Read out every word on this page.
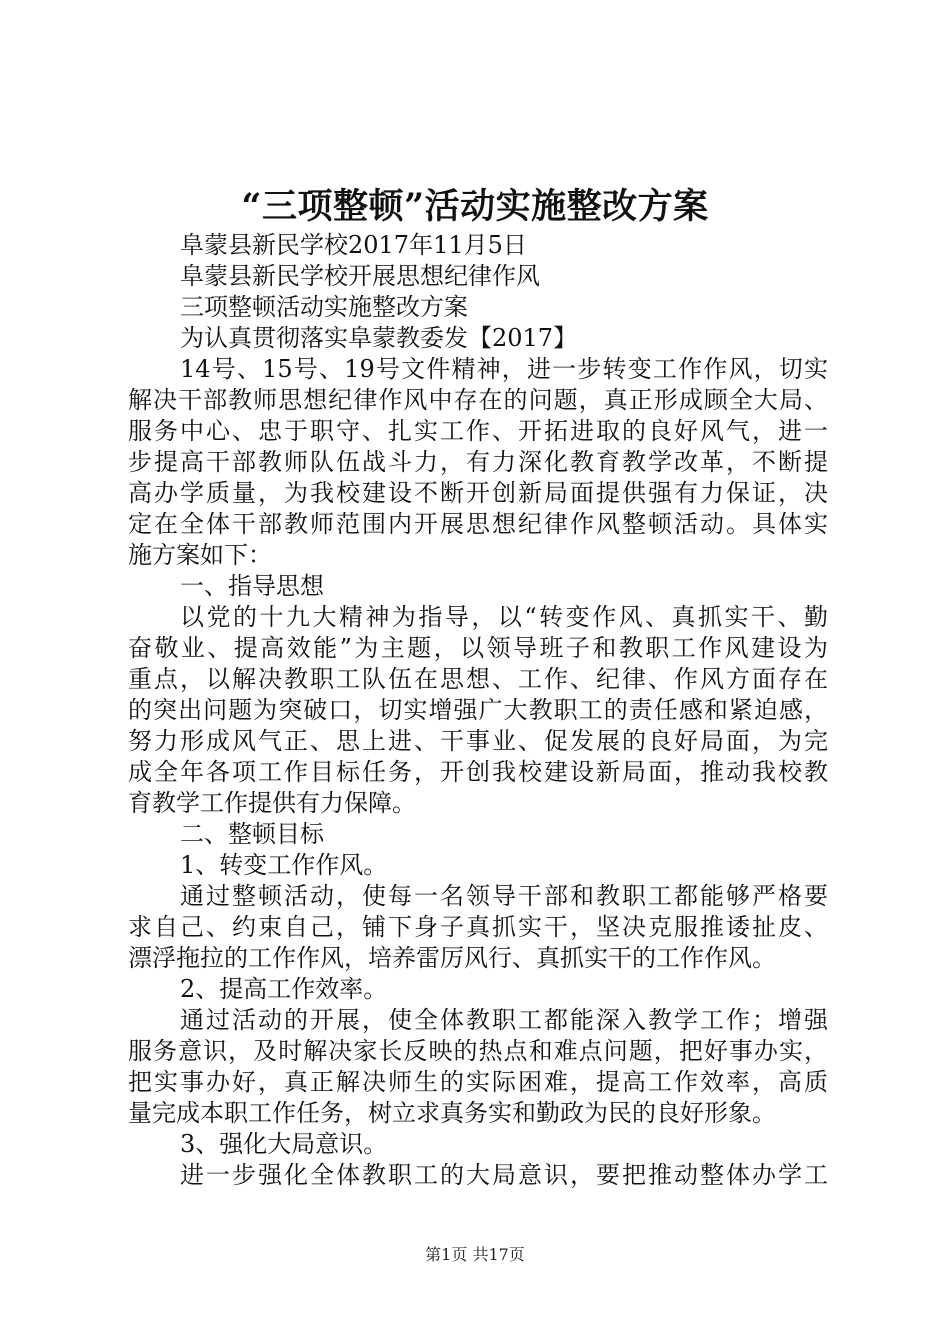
“三项整顿”活动实施整改方案
阜蒙县新民学校2017年11月5日
阜蒙县新民学校开展思想纪律作风
三项整顿活动实施整改方案
为认真贯彻落实阜蒙教委发【2017】
14号、15号、19号文件精神，进一步转变工作作风，切实
解决干部教师思想纪律作风中存在的问题，真正形成顾全大局、
服务中心、忠于职守、扎实工作、开拓进取的良好风气，进一
步提高干部教师队伍战斗力，有力深化教育教学改革，不断提
高办学质量，为我校建设不断开创新局面提供强有力保证，决
定在全体干部教师范围内开展思想纪律作风整顿活动。具体实
施方案如下：
一、指导思想
以党的十九大精神为指导，以“转变作风、真抓实干、勤
奋敬业、提高效能”为主题，以领导班子和教职工作风建设为
重点，以解决教职工队伍在思想、工作、纪律、作风方面存在
的突出问题为突破口，切实增强广大教职工的责任感和紧迫感，
努力形成风气正、思上进、干事业、促发展的良好局面，为完
成全年各项工作目标任务，开创我校建设新局面，推动我校教
育教学工作提供有力保障。
二、整顿目标
1、转变工作作风。
通过整顿活动，使每一名领导干部和教职工都能够严格要
求自己、约束自己，铺下身子真抓实干，坚决克服推诿扯皮、
漂浮拖拉的工作作风，培养雷厉风行、真抓实干的工作作风。
2、提高工作效率。
通过活动的开展，使全体教职工都能深入教学工作；增强
服务意识，及时解决家长反映的热点和难点问题，把好事办实，
把实事办好，真正解决师生的实际困难，提高工作效率，高质
量完成本职工作任务，树立求真务实和勤政为民的良好形象。
3、强化大局意识。
进一步强化全体教职工的大局意识，要把推动整体办学工
第1页 共17页
